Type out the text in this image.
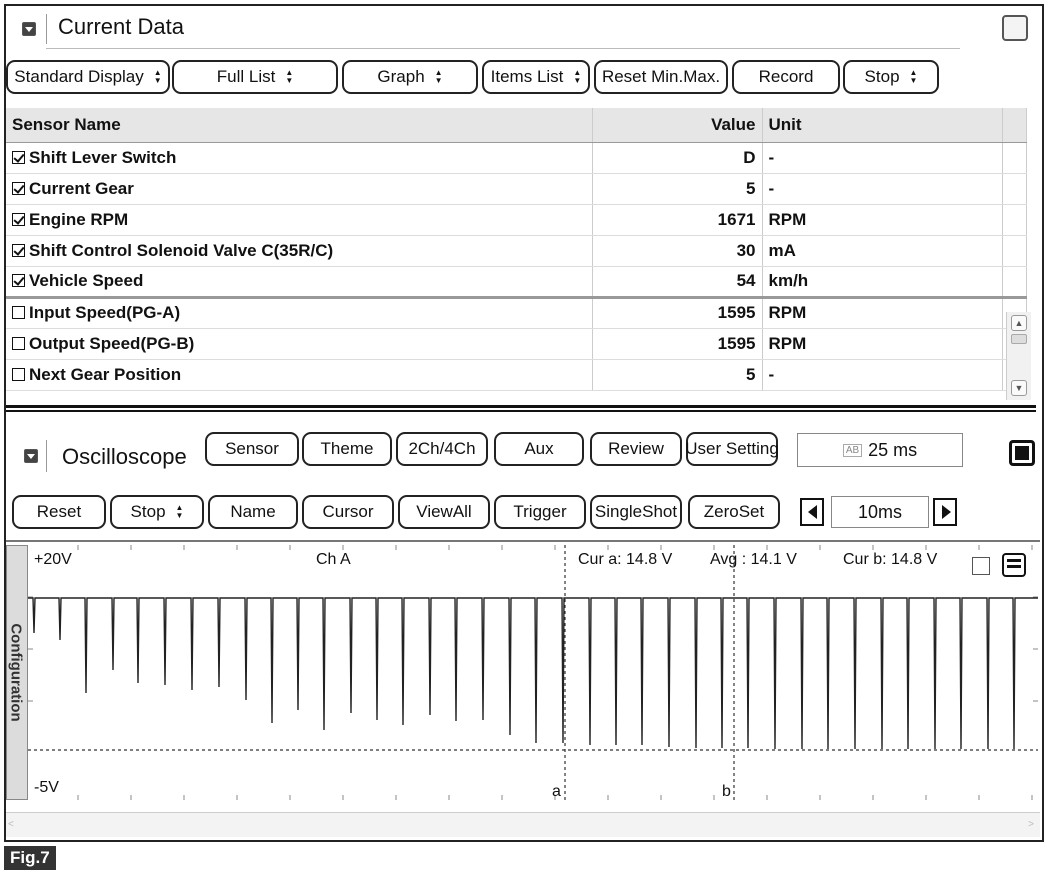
Current Data
Standard Display ▲
▼	Full List ▲
▼	Graph ▲
▼	Items List ▲
▼ Reset Min.Max. Record	Stop ▲
▼
Sensor Name	Value	Unit	
Shift Lever Switch	D	-	
Current Gear	5	-	
Engine RPM	1671	RPM	
Shift Control Solenoid Valve C(35R/C)	30	mA	
Vehicle Speed	54	km/h	
Input Speed(PG-A)	1595	RPM	
Output Speed(PG-B)	1595	RPM	
Next Gear Position	5	-	
▲
▼
Oscilloscope	Sensor	Theme	2Ch/4Ch	Aux	Review	User Setting	AB 25 ms
Reset	Stop ▲
▼	Name	Cursor	ViewAll Trigger SingleShot ZeroSet	10ms
Configuration
+20V	Ch A	Cur a: 14.8 V Avg : 14.1 V	Cur b: 14.8 V
-5V	a	b
<	>
Fig.7
